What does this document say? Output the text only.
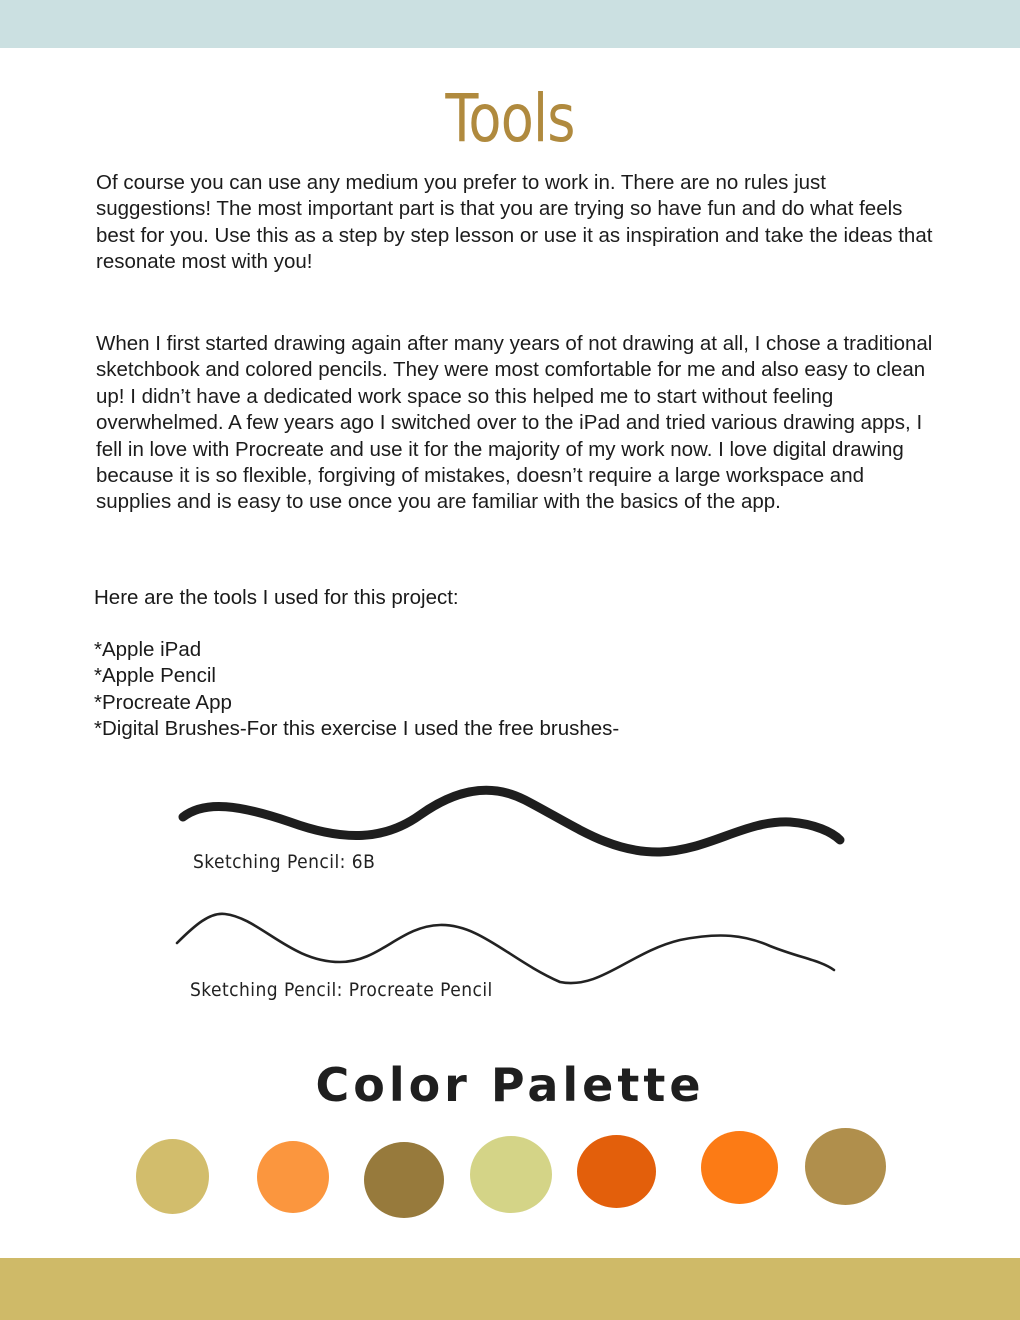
Tools

Of course you can use any medium you prefer to work in. There are no rules just suggestions! The most important part is that you are trying so have fun and do what feels best for you. Use this as a step by step lesson or use it as inspiration and take the ideas that resonate most with you!

When I first started drawing again after many years of not drawing at all, I chose a traditional sketchbook and colored pencils. They were most comfortable for me and also easy to clean up! I didn’t have a dedicated work space so this helped me to start without feeling overwhelmed. A few years ago I switched over to the iPad and tried various drawing apps, I fell in love with Procreate and use it for the majority of my work now. I love digital drawing because it is so flexible, forgiving of mistakes, doesn’t require a large workspace and supplies and is easy to use once you are familiar with the basics of the app.

Here are the tools I used for this project:

*Apple iPad
*Apple Pencil
*Procreate App
*Digital Brushes-For this exercise I used the free brushes-
Sketching Pencil: 6B
Sketching Pencil: Procreate Pencil
Color Palette
